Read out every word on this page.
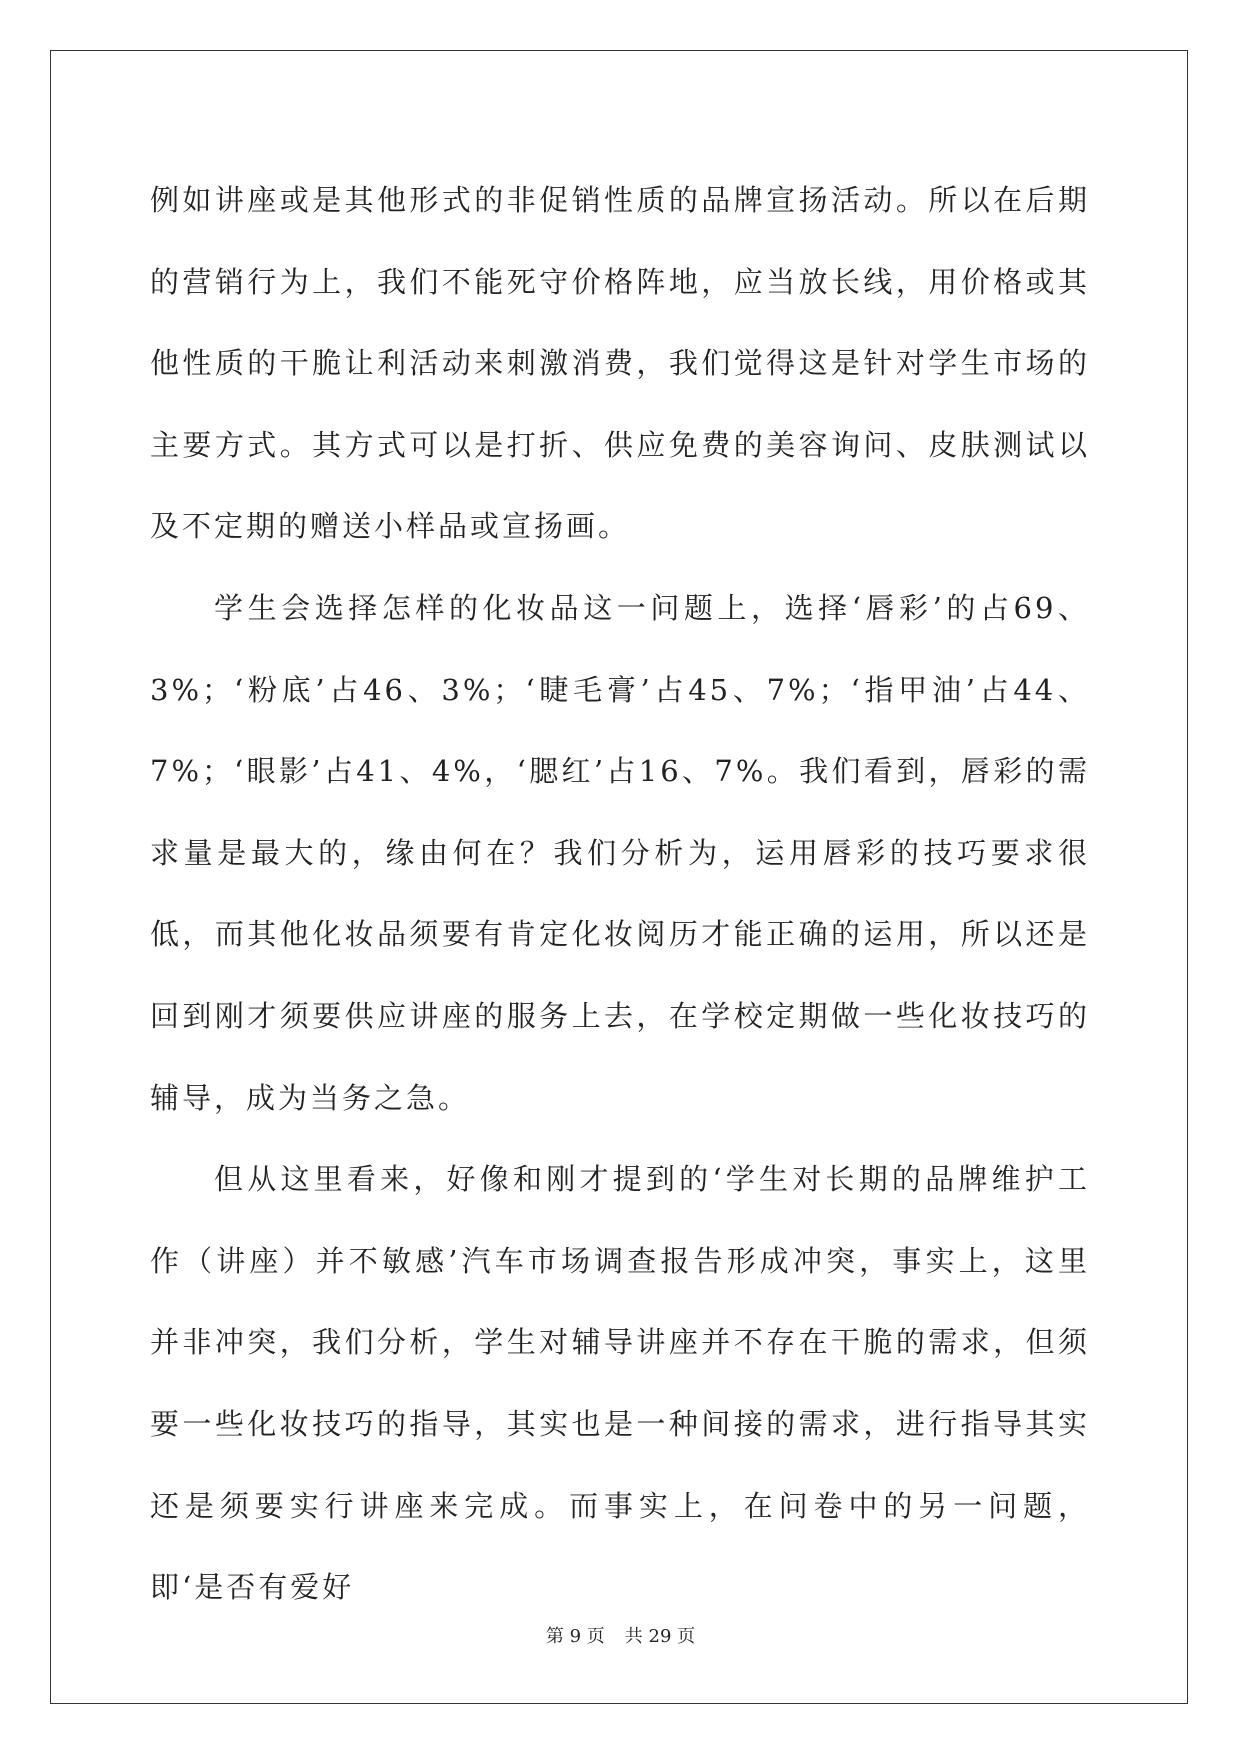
例如讲座或是其他形式的非促销性质的品牌宣扬活动。所以在后期的营销行为上，我们不能死守价格阵地，应当放长线，用价格或其他性质的干脆让利活动来刺激消费，我们觉得这是针对学生市场的主要方式。其方式可以是打折、供应免费的美容询问、皮肤测试以及不定期的赠送小样品或宣扬画。

学生会选择怎样的化妆品这一问题上，选择‘唇彩’的占69、3%；‘粉底’占46、3%；‘睫毛膏’占45、7%；‘指甲油’占44、7%；‘眼影’占41、4%，‘腮红’占16、7%。我们看到，唇彩的需求量是最大的，缘由何在？我们分析为，运用唇彩的技巧要求很低，而其他化妆品须要有肯定化妆阅历才能正确的运用，所以还是回到刚才须要供应讲座的服务上去，在学校定期做一些化妆技巧的辅导，成为当务之急。

但从这里看来，好像和刚才提到的‘学生对长期的品牌维护工作（讲座）并不敏感’汽车市场调查报告形成冲突，事实上，这里并非冲突，我们分析，学生对辅导讲座并不存在干脆的需求，但须要一些化妆技巧的指导，其实也是一种间接的需求，进行指导其实还是须要实行讲座来完成。而事实上，在问卷中的另一问题，即‘是否有爱好

第 9 页 共 29 页
